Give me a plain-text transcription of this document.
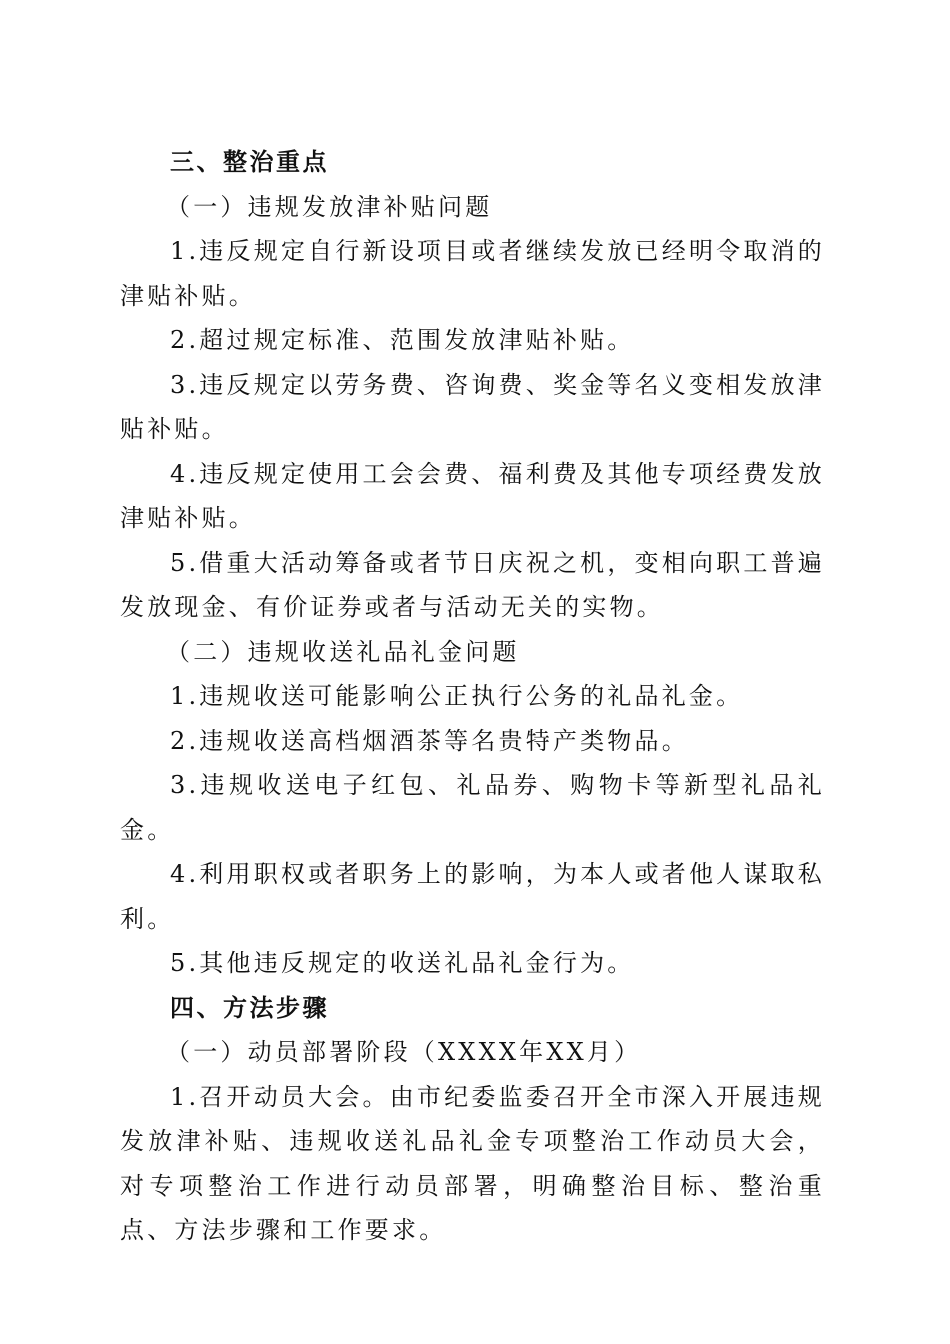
三、整治重点

（一）违规发放津补贴问题

1.违反规定自行新设项目或者继续发放已经明令取消的津贴补贴。

2.超过规定标准、范围发放津贴补贴。

3.违反规定以劳务费、咨询费、奖金等名义变相发放津贴补贴。

4.违反规定使用工会会费、福利费及其他专项经费发放津贴补贴。

5.借重大活动筹备或者节日庆祝之机，变相向职工普遍发放现金、有价证券或者与活动无关的实物。

（二）违规收送礼品礼金问题

1.违规收送可能影响公正执行公务的礼品礼金。

2.违规收送高档烟酒茶等名贵特产类物品。

3.违规收送电子红包、礼品券、购物卡等新型礼品礼金。

4.利用职权或者职务上的影响，为本人或者他人谋取私利。

5.其他违反规定的收送礼品礼金行为。

四、方法步骤

（一）动员部署阶段（XXXX年XX月）

1.召开动员大会。由市纪委监委召开全市深入开展违规发放津补贴、违规收送礼品礼金专项整治工作动员大会，对专项整治工作进行动员部署，明确整治目标、整治重点、方法步骤和工作要求。
